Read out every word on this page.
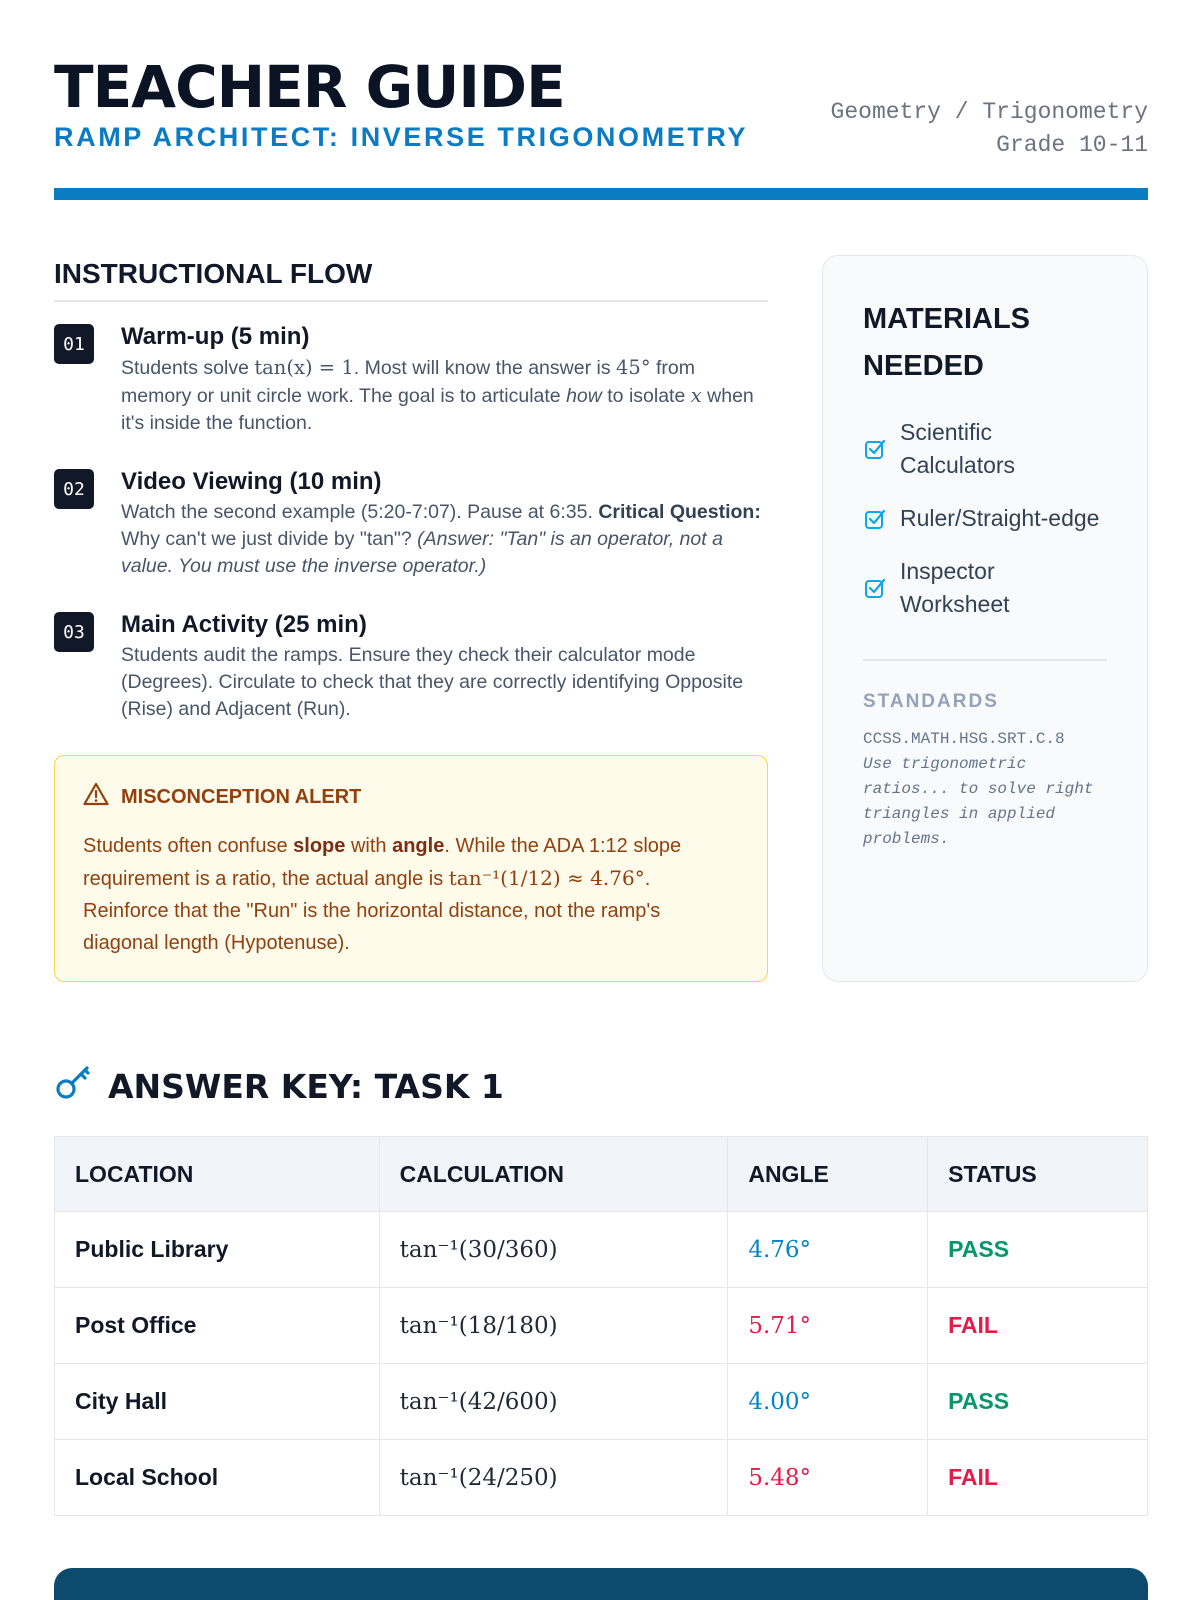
TEACHER GUIDE
RAMP ARCHITECT: INVERSE TRIGONOMETRY
Geometry / Trigonometry
Grade 10-11
INSTRUCTIONAL FLOW
01	Warm-up (5 min)
Students solve tan(x) = 1. Most will know the answer is 45° from memory or unit circle work. The goal is to articulate how to isolate x when it's inside the function.
02	Video Viewing (10 min)
Watch the second example (5:20-7:07). Pause at 6:35. Critical Question: Why can't we just divide by "tan"? (Answer: "Tan" is an operator, not a value. You must use the inverse operator.)
03	Main Activity (25 min)
Students audit the ramps. Ensure they check their calculator mode (Degrees). Circulate to check that they are correctly identifying Opposite (Rise) and Adjacent (Run).
MISCONCEPTION ALERT
Students often confuse slope with angle. While the ADA 1:12 slope requirement is a ratio, the actual angle is tan⁻¹(1/12) ≈ 4.76°. Reinforce that the "Run" is the horizontal distance, not the ramp's diagonal length (Hypotenuse).
MATERIALS NEEDED
Scientific Calculators
Ruler/Straight-edge
Inspector Worksheet
STANDARDS
CCSS.MATH.HSG.SRT.C.8
Use trigonometric ratios... to solve right triangles in applied problems.
ANSWER KEY: TASK 1
LOCATION	CALCULATION	ANGLE	STATUS
Public Library	tan⁻¹(30/360)	4.76°	PASS
Post Office	tan⁻¹(18/180)	5.71°	FAIL
City Hall	tan⁻¹(42/600)	4.00°	PASS
Local School	tan⁻¹(24/250)	5.48°	FAIL
